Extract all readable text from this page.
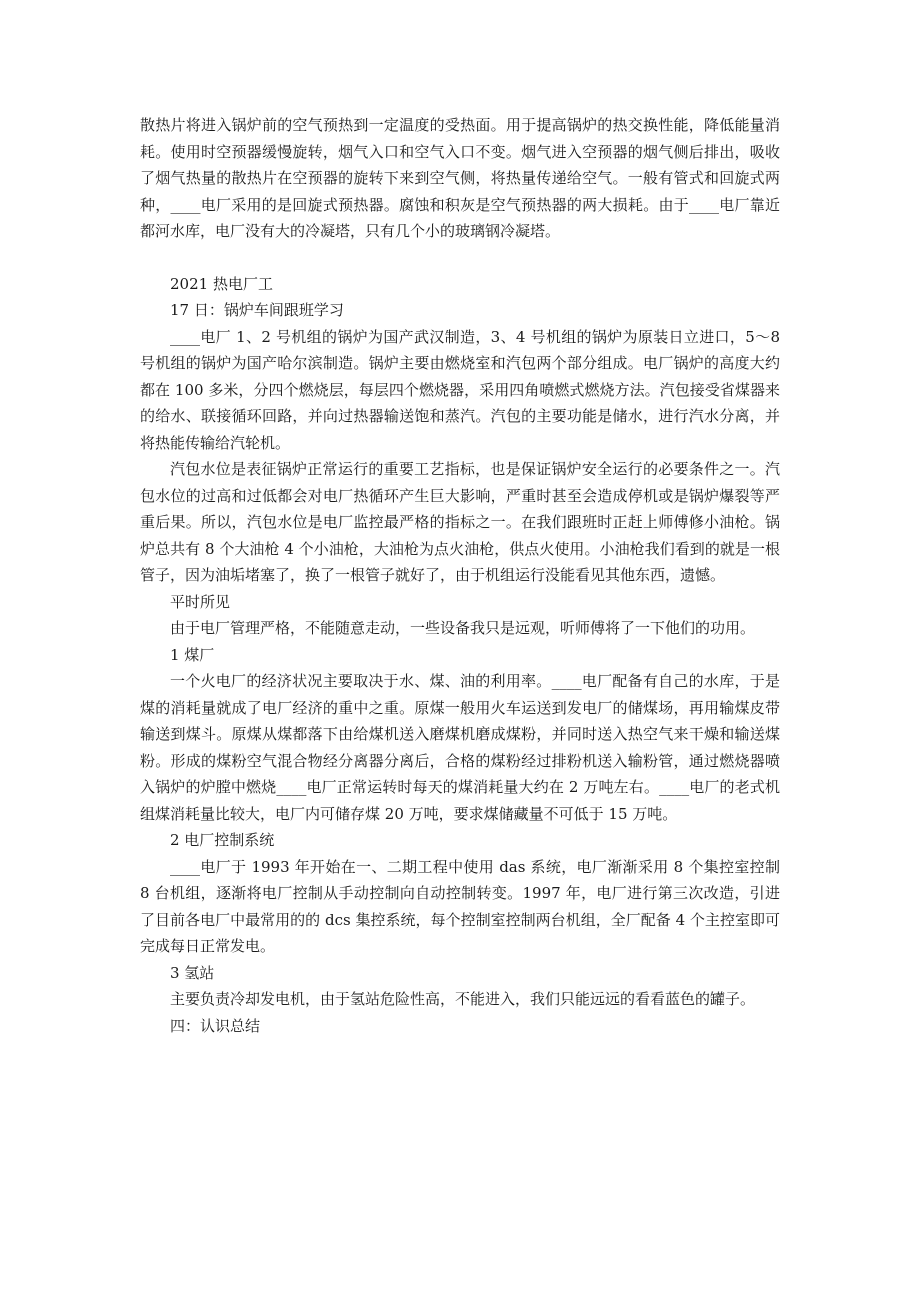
散热片将进入锅炉前的空气预热到一定温度的受热面。用于提高锅炉的热交换性能，降低能量消耗。使用时空预器缓慢旋转，烟气入口和空气入口不变。烟气进入空预器的烟气侧后排出，吸收了烟气热量的散热片在空预器的旋转下来到空气侧，将热量传递给空气。一般有管式和回旋式两种，____电厂采用的是回旋式预热器。腐蚀和积灰是空气预热器的两大损耗。由于____电厂靠近都河水库，电厂没有大的冷凝塔，只有几个小的玻璃钢冷凝塔。

2021 热电厂工

17 日：锅炉车间跟班学习

____电厂 1、2 号机组的锅炉为国产武汉制造，3、4 号机组的锅炉为原装日立进口，5～8 号机组的锅炉为国产哈尔滨制造。锅炉主要由燃烧室和汽包两个部分组成。电厂锅炉的高度大约都在 100 多米，分四个燃烧层，每层四个燃烧器，采用四角喷燃式燃烧方法。汽包接受省煤器来的给水、联接循环回路，并向过热器输送饱和蒸汽。汽包的主要功能是储水，进行汽水分离，并将热能传输给汽轮机。

汽包水位是表征锅炉正常运行的重要工艺指标，也是保证锅炉安全运行的必要条件之一。汽包水位的过高和过低都会对电厂热循环产生巨大影响，严重时甚至会造成停机或是锅炉爆裂等严重后果。所以，汽包水位是电厂监控最严格的指标之一。在我们跟班时正赶上师傅修小油枪。锅炉总共有 8 个大油枪 4 个小油枪，大油枪为点火油枪，供点火使用。小油枪我们看到的就是一根管子，因为油垢堵塞了，换了一根管子就好了，由于机组运行没能看见其他东西，遗憾。

平时所见

由于电厂管理严格，不能随意走动，一些设备我只是远观，听师傅将了一下他们的功用。

1 煤厂

一个火电厂的经济状况主要取决于水、煤、油的利用率。____电厂配备有自己的水库，于是煤的消耗量就成了电厂经济的重中之重。原煤一般用火车运送到发电厂的储煤场，再用输煤皮带输送到煤斗。原煤从煤都落下由给煤机送入磨煤机磨成煤粉，并同时送入热空气来干燥和输送煤粉。形成的煤粉空气混合物经分离器分离后，合格的煤粉经过排粉机送入输粉管，通过燃烧器喷入锅炉的炉膛中燃烧____电厂正常运转时每天的煤消耗量大约在 2 万吨左右。____电厂的老式机组煤消耗量比较大，电厂内可储存煤 20 万吨，要求煤储藏量不可低于 15 万吨。

2 电厂控制系统

____电厂于 1993 年开始在一、二期工程中使用 das 系统，电厂渐渐采用 8 个集控室控制 8 台机组，逐渐将电厂控制从手动控制向自动控制转变。1997 年，电厂进行第三次改造，引进了目前各电厂中最常用的的 dcs 集控系统，每个控制室控制两台机组，全厂配备 4 个主控室即可完成每日正常发电。

3 氢站

主要负责冷却发电机，由于氢站危险性高，不能进入，我们只能远远的看看蓝色的罐子。

四：认识总结
